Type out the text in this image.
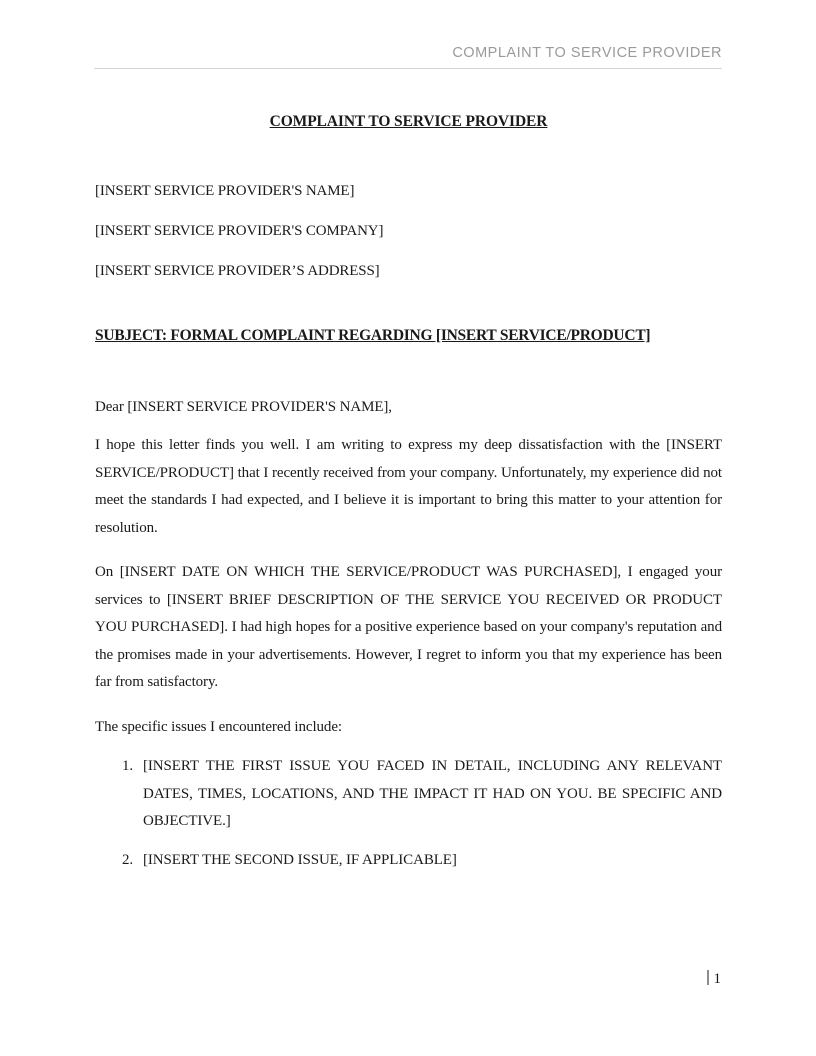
COMPLAINT TO SERVICE PROVIDER
COMPLAINT TO SERVICE PROVIDER

[INSERT SERVICE PROVIDER'S NAME]

[INSERT SERVICE PROVIDER'S COMPANY]

[INSERT SERVICE PROVIDER’S ADDRESS]

SUBJECT: FORMAL COMPLAINT REGARDING [INSERT SERVICE/PRODUCT]

Dear [INSERT SERVICE PROVIDER'S NAME],

I hope this letter finds you well. I am writing to express my deep dissatisfaction with the [INSERT SERVICE/PRODUCT] that I recently received from your company. Unfortunately, my experience did not meet the standards I had expected, and I believe it is important to bring this matter to your attention for resolution.

On [INSERT DATE ON WHICH THE SERVICE/PRODUCT WAS PURCHASED], I engaged your services to [INSERT BRIEF DESCRIPTION OF THE SERVICE YOU RECEIVED OR PRODUCT YOU PURCHASED]. I had high hopes for a positive experience based on your company's reputation and the promises made in your advertisements. However, I regret to inform you that my experience has been far from satisfactory.

The specific issues I encountered include:

[INSERT THE FIRST ISSUE YOU FACED IN DETAIL, INCLUDING ANY RELEVANT DATES, TIMES, LOCATIONS, AND THE IMPACT IT HAD ON YOU. BE SPECIFIC AND OBJECTIVE.]
[INSERT THE SECOND ISSUE, IF APPLICABLE]
1
